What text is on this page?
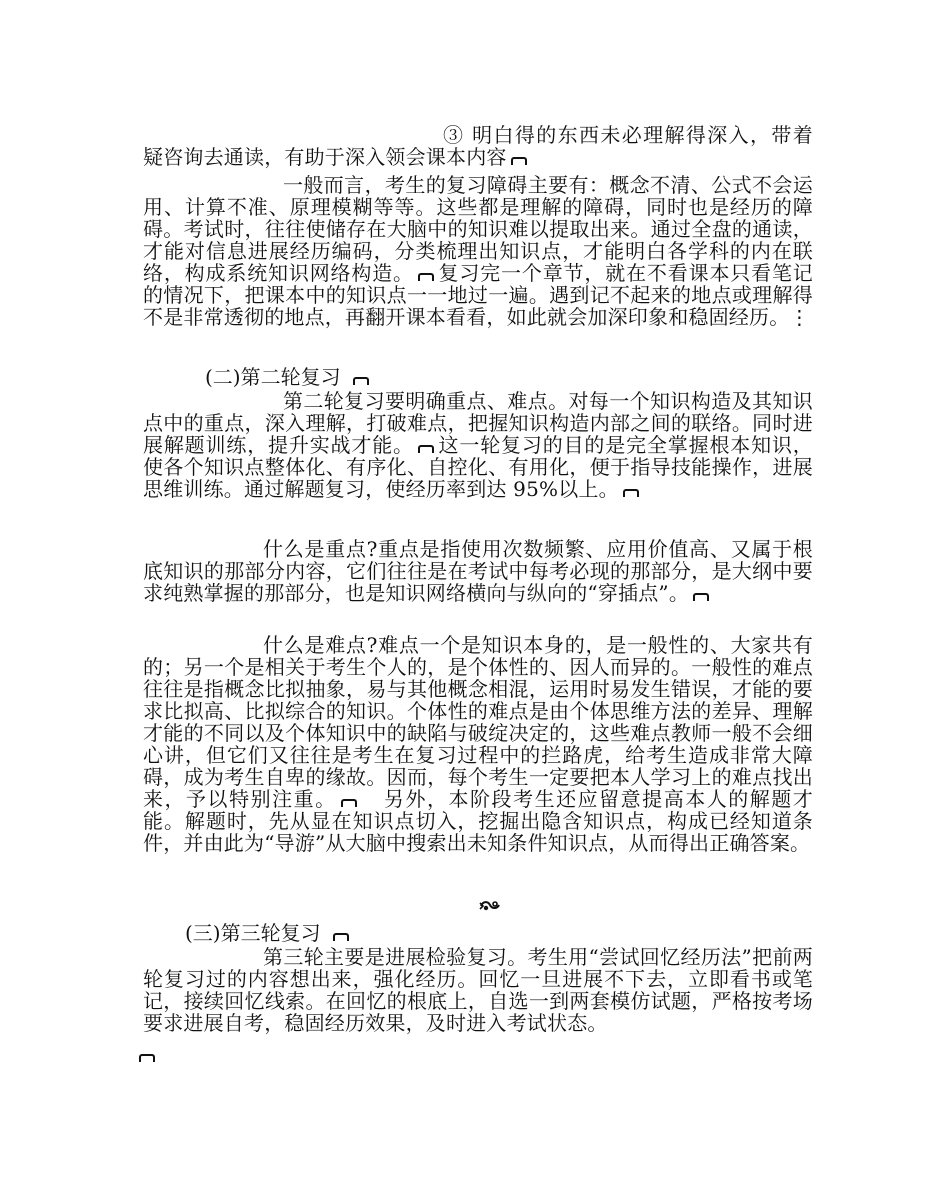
③ 明白得的东西未必理解得深入，带着疑咨询去通读，有助于深入领会课本内容

一般而言，考生的复习障碍主要有：概念不清、公式不会运用、计算不准、原理模糊等等。这些都是理解的障碍，同时也是经历的障碍。考试时，往往使储存在大脑中的知识难以提取出来。通过全盘的通读，才能对信息进展经历编码，分类梳理出知识点，才能明白各学科的内在联络，构成系统知识网络构造。 复习完一个章节，就在不看课本只看笔记的情况下，把课本中的知识点一一地过一遍。遇到记不起来的地点或理解得不是非常透彻的地点，再翻开课本看看，如此就会加深印象和稳固经历。⋮

(二)第二轮复习

第二轮复习要明确重点、难点。对每一个知识构造及其知识点中的重点，深入理解，打破难点，把握知识构造内部之间的联络。同时进展解题训练，提升实战才能。 这一轮复习的目的是完全掌握根本知识，使各个知识点整体化、有序化、自控化、有用化，便于指导技能操作，进展思维训练。通过解题复习，使经历率到达 95%以上。

什么是重点?重点是指使用次数频繁、应用价值高、又属于根底知识的那部分内容，它们往往是在考试中每考必现的那部分，是大纲中要求纯熟掌握的那部分，也是知识网络横向与纵向的“穿插点”。

什么是难点?难点一个是知识本身的，是一般性的、大家共有的；另一个是相关于考生个人的，是个体性的、因人而异的。一般性的难点往往是指概念比拟抽象，易与其他概念相混，运用时易发生错误，才能的要求比拟高、比拟综合的知识。个体性的难点是由个体思维方法的差异、理解才能的不同以及个体知识中的缺陷与破绽决定的，这些难点教师一般不会细心讲，但它们又往往是考生在复习过程中的拦路虎，给考生造成非常大障碍，成为考生自卑的缘故。因而，每个考生一定要把本人学习上的难点找出来，予以特别注重。 另外，本阶段考生还应留意提高本人的解题才能。解题时，先从显在知识点切入，挖掘出隐含知识点，构成已经知道条件，并由此为“导游”从大脑中搜索出未知条件知识点，从而得出正确答案。

(三)第三轮复习

第三轮主要是进展检验复习。考生用“尝试回忆经历法”把前两轮复习过的内容想出来，强化经历。回忆一旦进展不下去，立即看书或笔记，接续回忆线索。在回忆的根底上，自选一到两套模仿试题，严格按考场要求进展自考，稳固经历效果，及时进入考试状态。
